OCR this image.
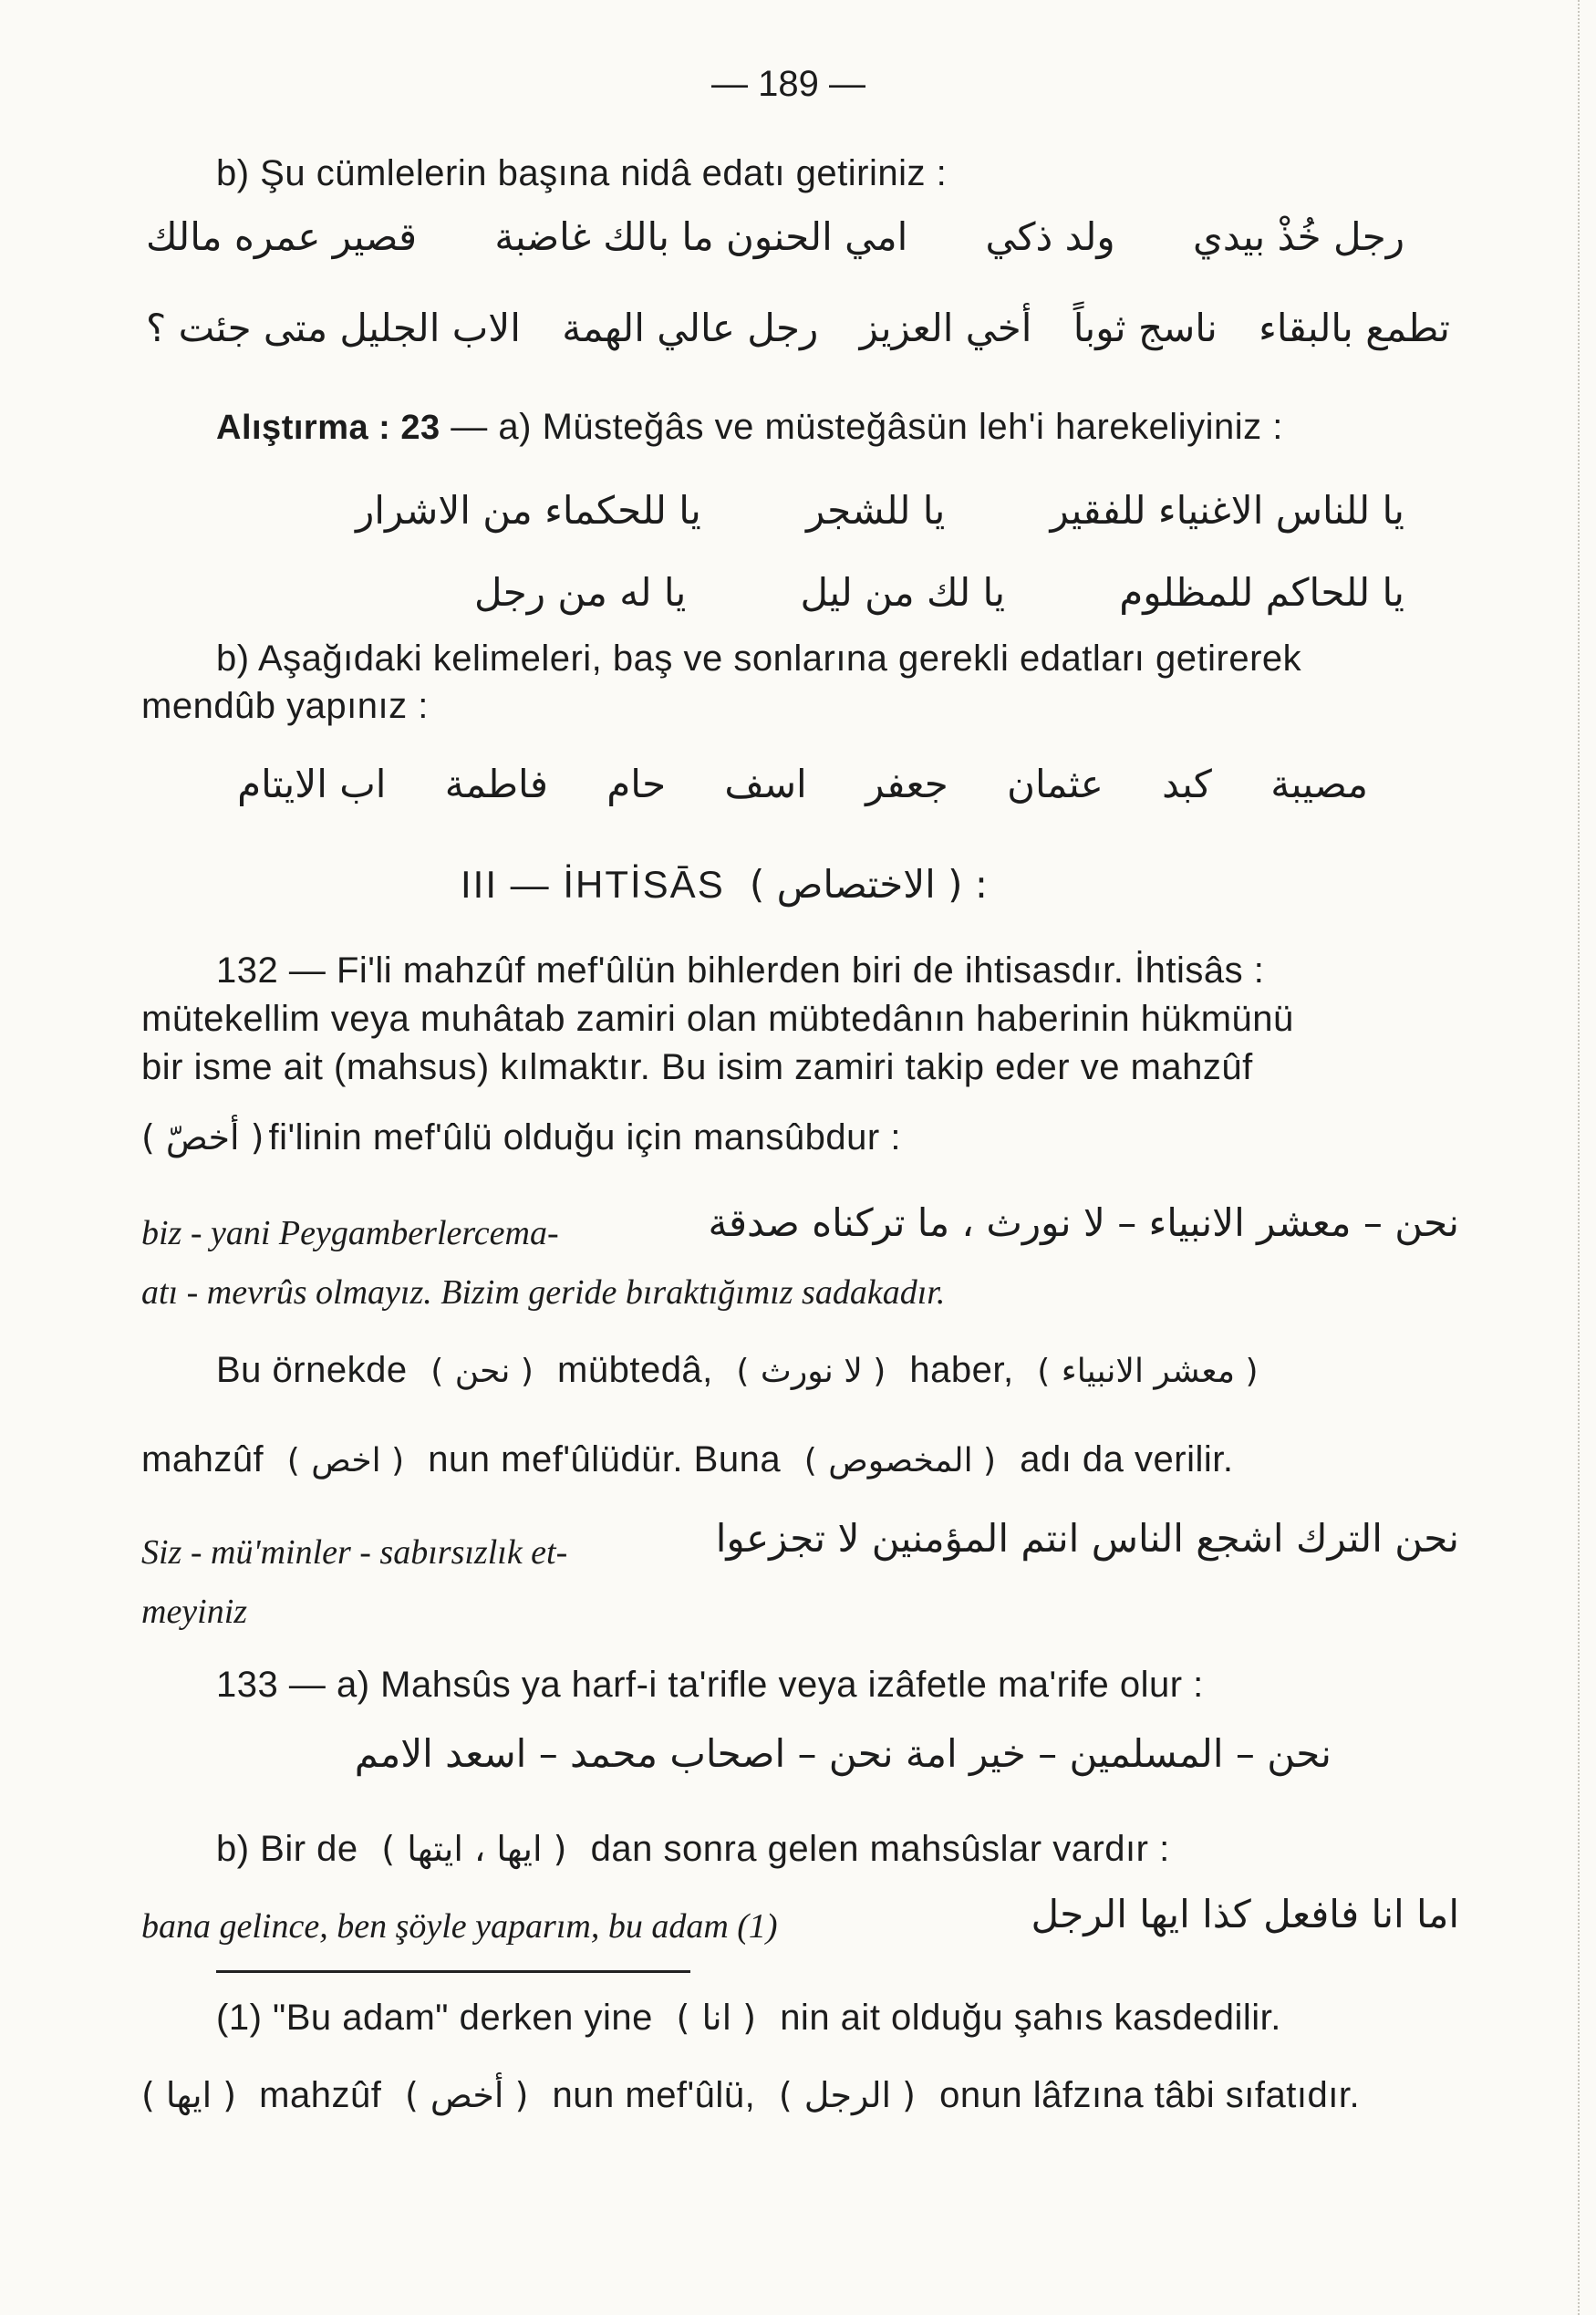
— 189 —
b) Şu cümlelerin başına nidâ edatı getiriniz :
رجل خُذْ بيدي
ولد ذكي
امي الحنون ما بالك غاضبة
قصير عمره مالك
تطمع بالبقاء
ناسج ثوباً
أخي العزيز
رجل عالي الهمة
الاب الجليل متى جئت ؟
Alıştırma : 23 — a) Müsteğâs ve müsteğâsün leh'i harekeliyiniz :
يا للناس الاغنياء للفقير
يا للشجر
يا للحكماء من الاشرار
يا للحاكم للمظلوم
يا لك من ليل
يا له من رجل
b) Aşağıdaki kelimeleri, baş ve sonlarına gerekli edatları getirerek
mendûb yapınız :
مصيبة
كبد
عثمان
جعفر
اسف
حام
فاطمة
اب الايتام
III — İHTİSĀS ( الاختصاص ) :
132 — Fi'li mahzûf mef'ûlün bihlerden biri de ihtisasdır. İhtisâs :
mütekellim veya muhâtab zamiri olan mübtedânın haberinin hükmünü
bir isme ait (mahsus) kılmaktır. Bu isim zamiri takip eder ve mahzûf
( أخصّ ) fi'linin mef'ûlü olduğu için mansûbdur :
biz - yani Peygamberlercema-	نحن – معشر الانبياء – لا نورث ، ما تركناه صدقة
atı - mevrûs olmayız. Bizim geride bıraktığımız sadakadır.
Bu örnekde ( نحن ) mübtedâ, ( لا نورث ) haber, ( معشر الانبياء )
mahzûf ( اخص ) nun mef'ûlüdür. Buna ( المخصوص ) adı da verilir.
Siz - mü'minler - sabırsızlık et-	نحن الترك اشجع الناس انتم المؤمنين لا تجزعوا
meyiniz
133 — a) Mahsûs ya harf-i ta'rifle veya izâfetle ma'rife olur :
نحن – المسلمين – خير امة نحن – اصحاب محمد – اسعد الامم
b) Bir de ( ايها ، ايتها ) dan sonra gelen mahsûslar vardır :
bana gelince, ben şöyle yaparım, bu adam (1)	اما انا فافعل كذا ايها الرجل
(1) "Bu adam" derken yine ( انا ) nin ait olduğu şahıs kasdedilir.
( ايها ) mahzûf ( أخص ) nun mef'ûlü, ( الرجل ) onun lâfzına tâbi sıfatıdır.
